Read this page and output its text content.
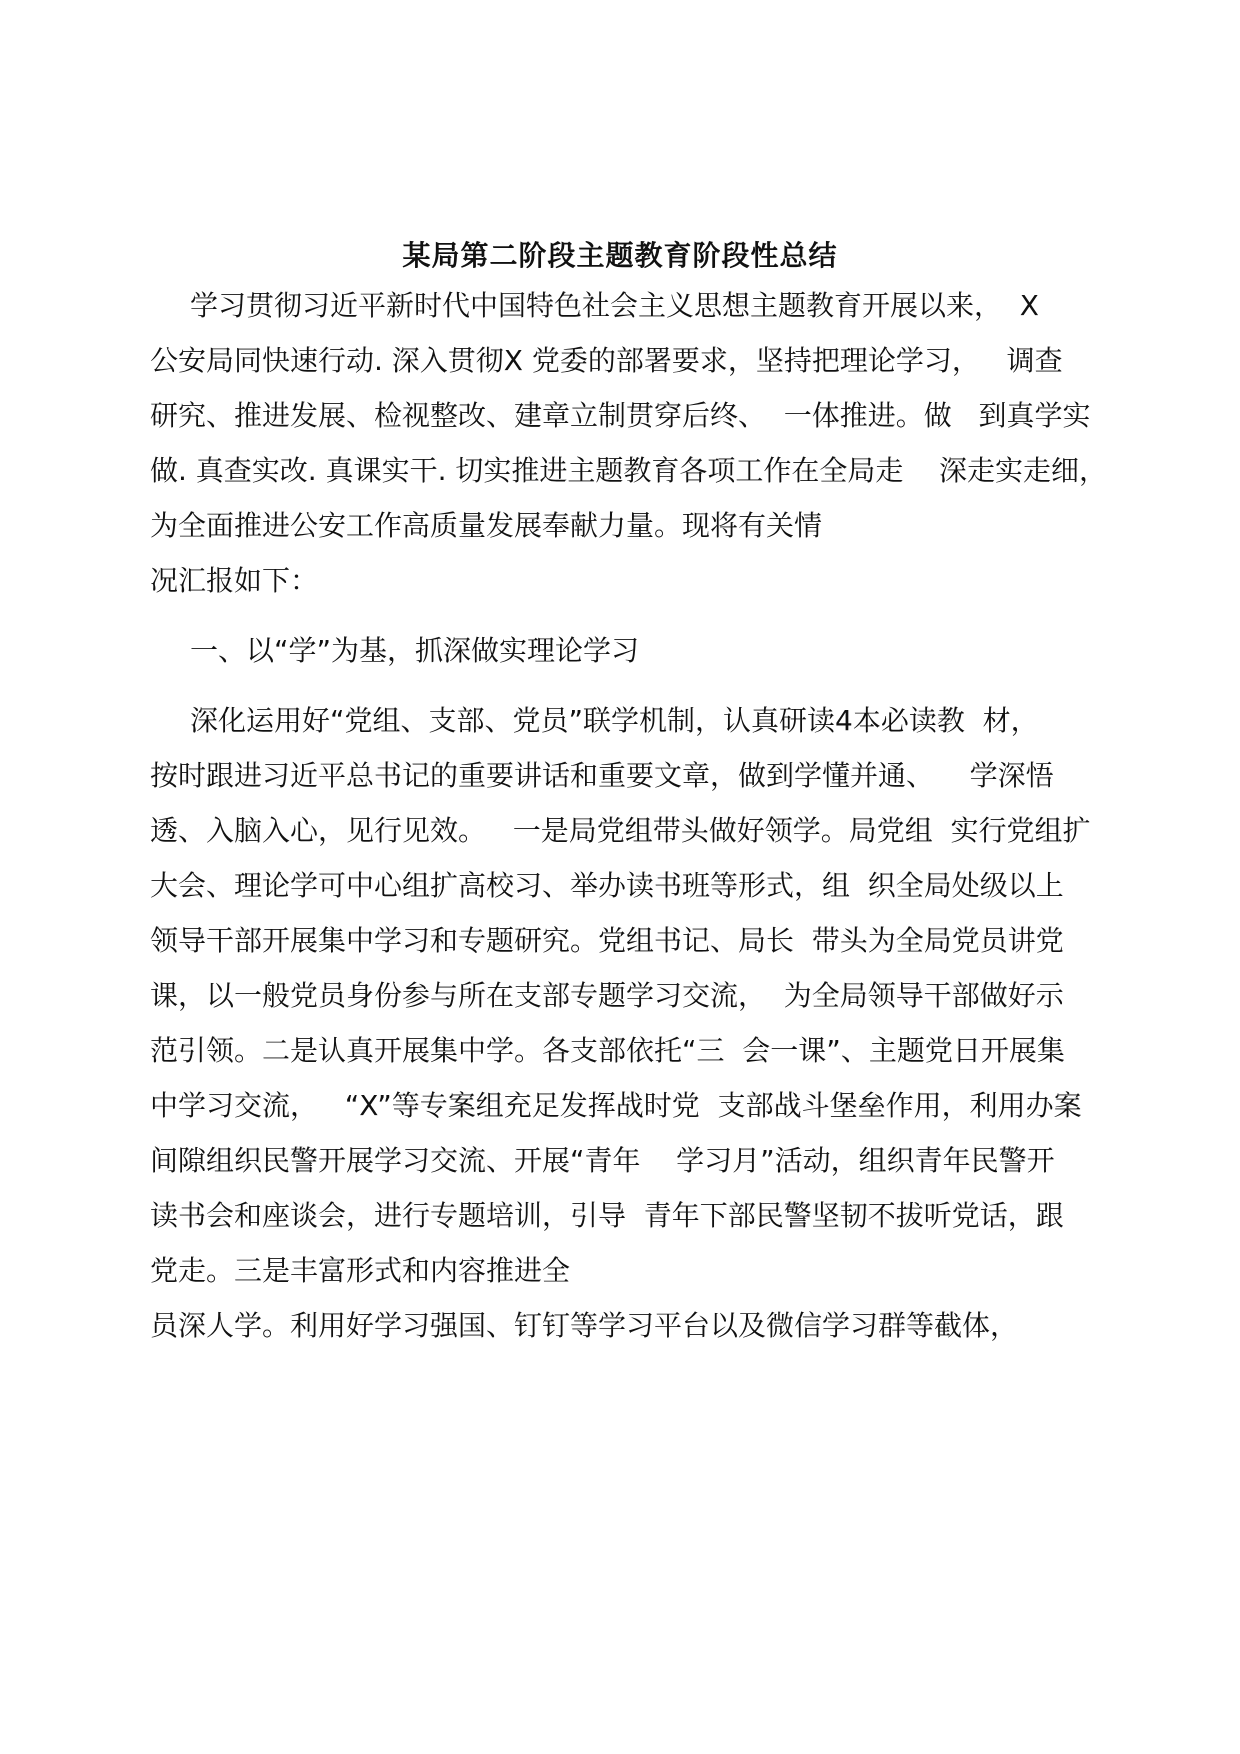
某局第二阶段主题教育阶段性总结
学习贯彻习近平新时代中国特色社会主义思想主题教育开展以来，  X
公安局同快速行动. 深入贯彻X 党委的部署要求，坚持把理论学习，   调查
研究、推进发展、检视整改、建章立制贯穿后终、  一体推进。做   到真学实
做. 真查实改. 真课实干. 切实推进主题教育各项工作在全局走    深走实走细，
为全面推进公安工作高质量发展奉献力量。现将有关情
况汇报如下：
一、以“学”为基，抓深做实理论学习
深化运用好“党组、支部、党员”联学机制，认真研读4本必读教  材，
按时跟进习近平总书记的重要讲话和重要文章，做到学懂并通、    学深悟
透、入脑入心，见行见效。   一是局党组带头做好领学。局党组  实行党组扩
大会、理论学可中心组扩高校习、举办读书班等形式，组  织全局处级以上
领导干部开展集中学习和专题研究。党组书记、局长  带头为全局党员讲党
课，以一般党员身份参与所在支部专题学习交流，  为全局领导干部做好示
范引领。二是认真开展集中学。各支部依托“三  会一课”、主题党日开展集
中学习交流，   “X”等专案组充足发挥战时党  支部战斗堡垒作用，利用办案
间隙组织民警开展学习交流、开展“青年    学习月”活动，组织青年民警开
读书会和座谈会，进行专题培训，引导  青年下部民警坚韧不拔听党话，跟
党走。三是丰富形式和内容推进全
员深人学。利用好学习强国、钉钉等学习平台以及微信学习群等截体，
